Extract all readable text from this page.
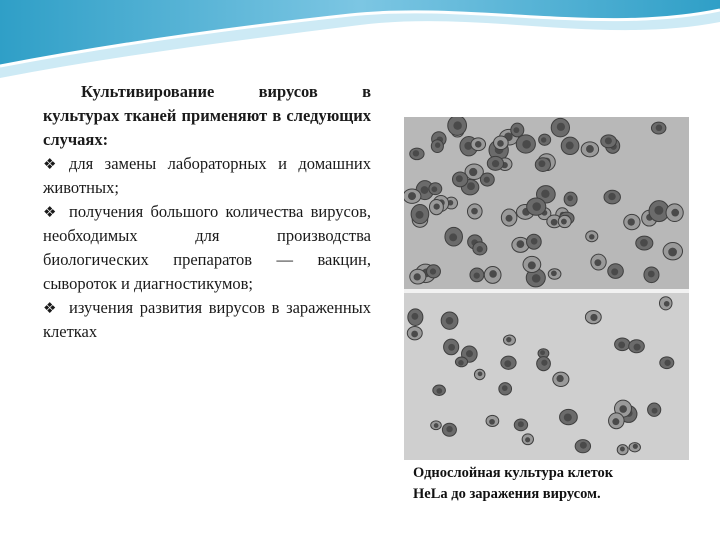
Культивирование вирусов в культурах тканей применяют в следующих случаях:

❖ для замены лабораторных и домашних животных;

❖ получения большого количества вирусов, необходимых для производства биологических препаратов — вакцин, сывороток и диагностикумов;

❖ изучения развития вирусов в зараженных клетках

Однослойная культура клеток
HeLa до заражения вирусом.
